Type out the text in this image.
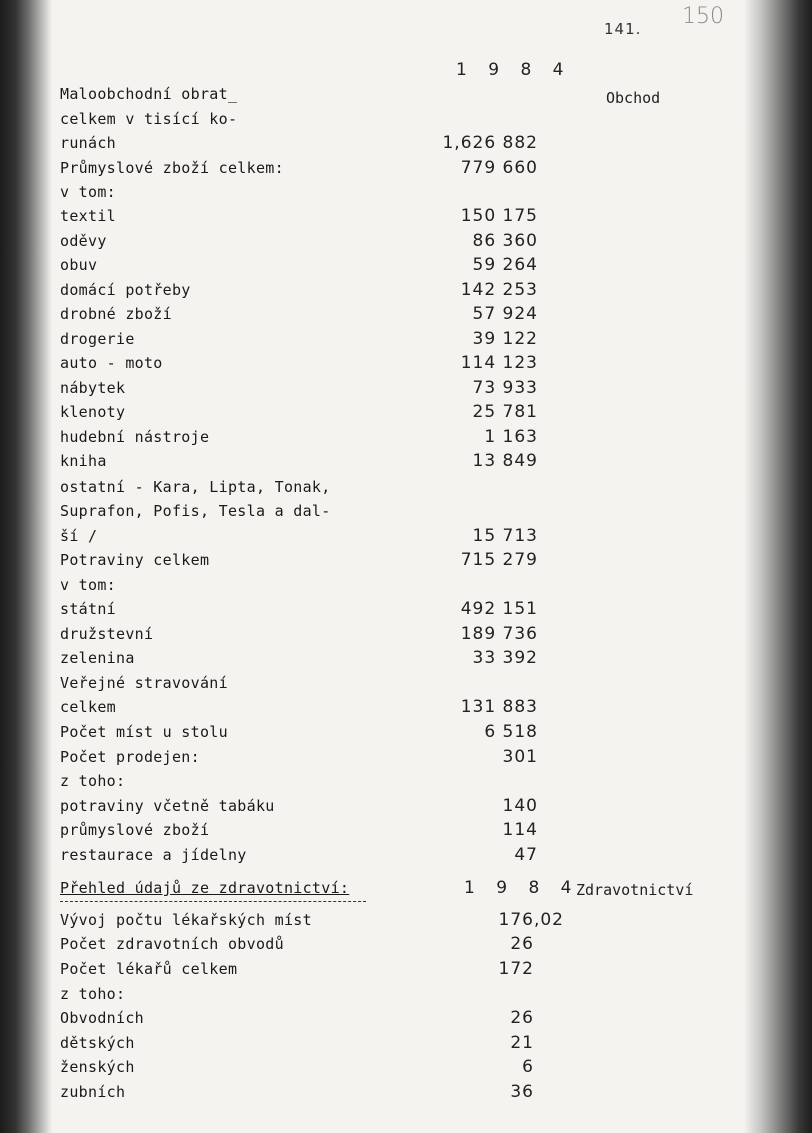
141. 150
1 9 8 4
Obchod
Maloobchodní obrat_
celkem v tisící ko-
runách	1,626 882
Průmyslové zboží celkem:	779 660
v tom:
textil	150 175
oděvy	86 360
obuv	59 264
domácí potřeby	142 253
drobné zboží	57 924
drogerie	39 122
auto - moto	114 123
nábytek	73 933
klenoty	25 781
hudební nástroje	1 163
kniha	13 849
ostatní - Kara, Lipta, Tonak,
Suprafon, Pofis, Tesla a dal-
ší /	15 713
Potraviny celkem	715 279
v tom:
státní	492 151
družstevní	189 736
zelenina	33 392
Veřejné stravování
celkem	131 883
Počet míst u stolu	6 518
Počet prodejen:	301
z toho:
potraviny včetně tabáku	140
průmyslové zboží	114
restaurace a jídelny	47
Přehled údajů ze zdravotnictví:	1 9 8 4
Zdravotnictví
Vývoj počtu lékařských míst	176,02
Počet zdravotních obvodů	26
Počet lékařů celkem	172
z toho:
Obvodních	26
dětských	21
ženských	6
zubních	36
